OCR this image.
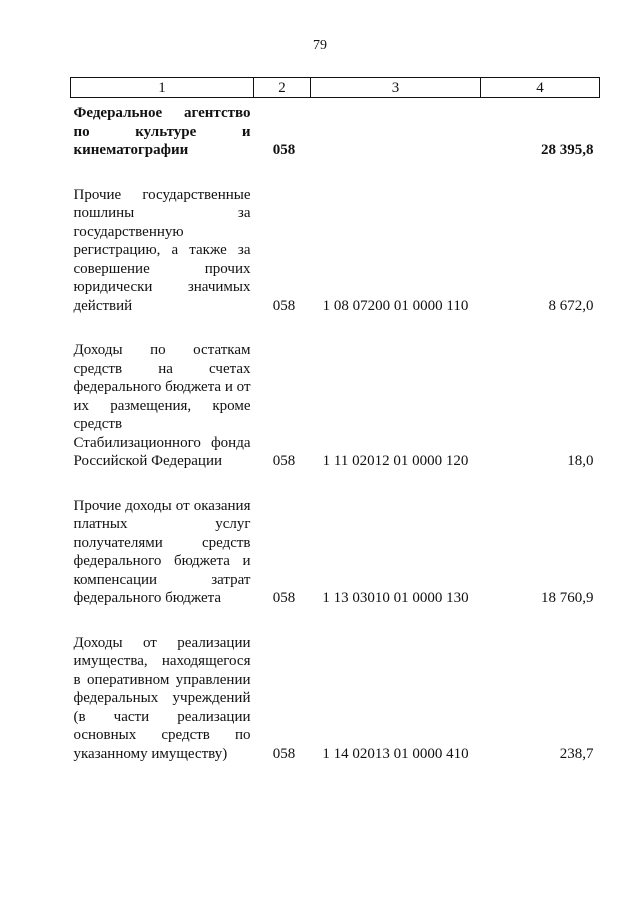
79
1	2	3	4
Федеральное агентство по культуре и кинематографии	058		28 395,8

Прочие государственные пошлины за государственную регистрацию, а также за совершение прочих юридически значимых действий	058	1 08 07200 01 0000 110	8 672,0

Доходы по остаткам средств на счетах федерального бюджета и от их размещения, кроме средств Стабилизационного фонда Российской Федерации	058	1 11 02012 01 0000 120	18,0

Прочие доходы от оказания платных услуг получателями средств федерального бюджета и компенсации затрат федерального бюджета	058	1 13 03010 01 0000 130	18 760,9

Доходы от реализации имущества, находящегося в оперативном управлении федеральных учреждений (в части реализации основных средств по указанному имуществу)	058	1 14 02013 01 0000 410	238,7
